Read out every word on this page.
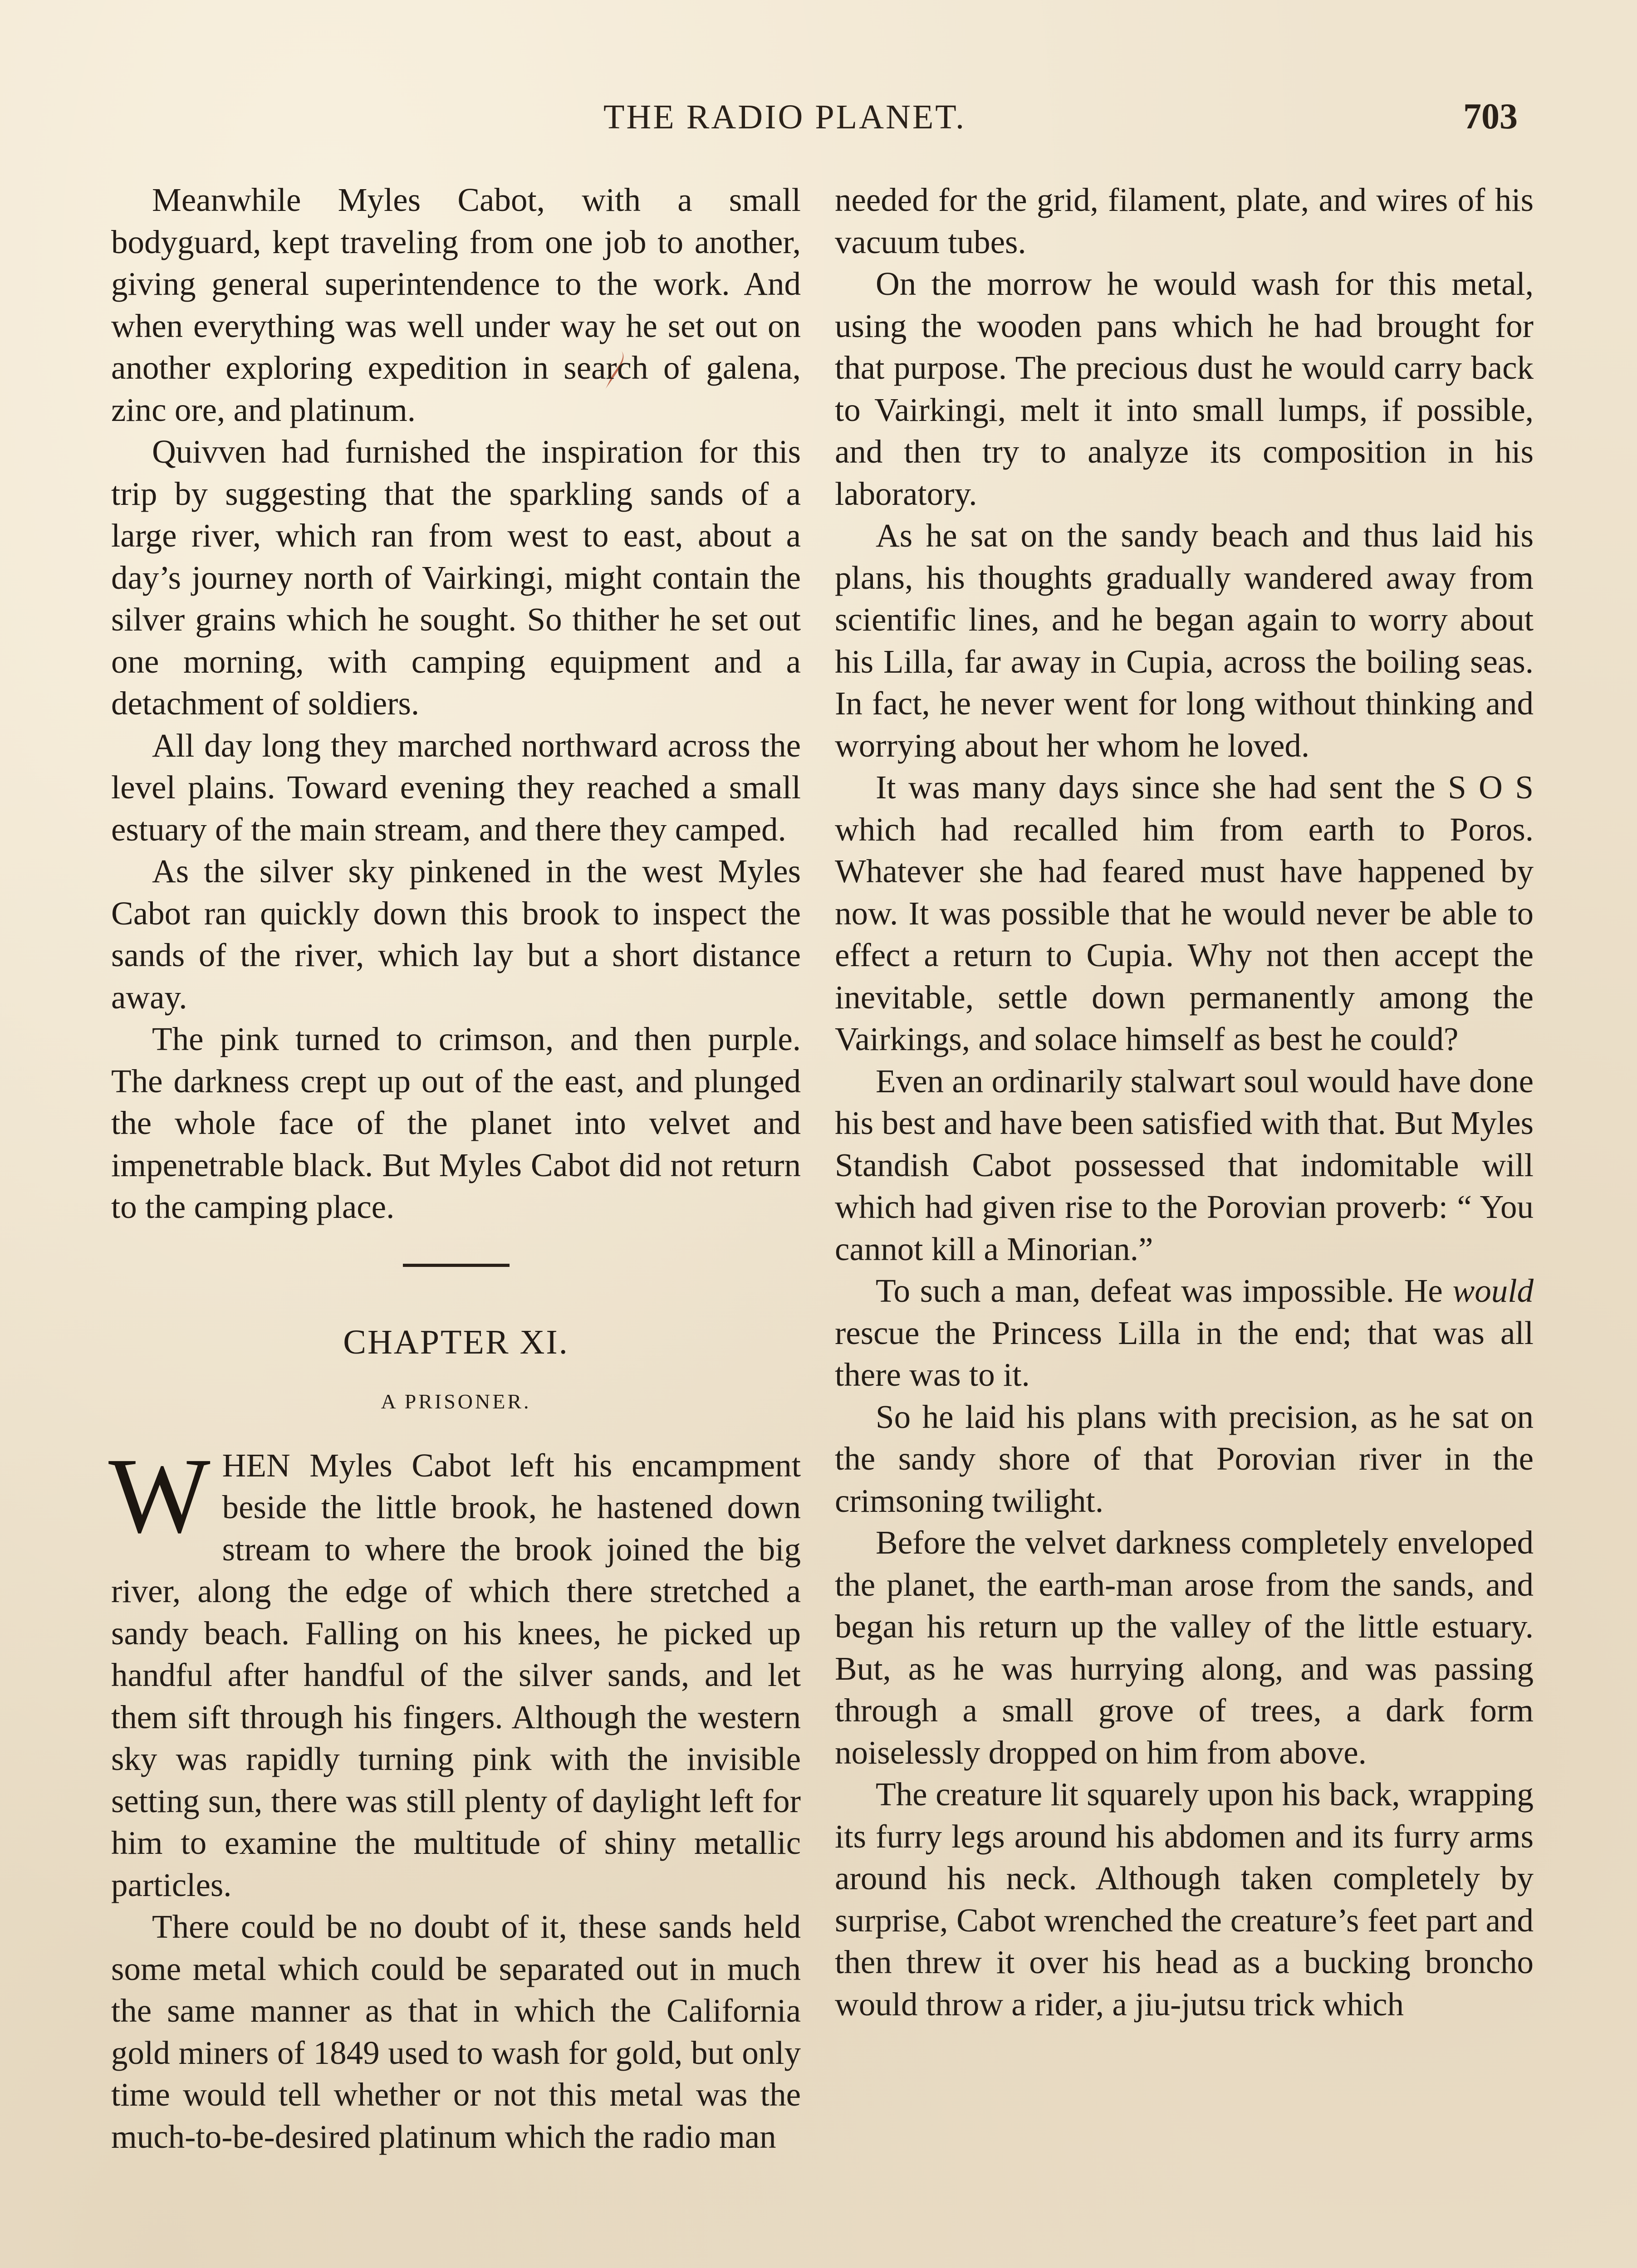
THE RADIO PLANET.	703

Meanwhile Myles Cabot, with a small bodyguard, kept traveling from one job to another, giving general superintendence to the work. And when everything was well under way he set out on another exploring expedition in search of galena, zinc ore, and platinum.

Quivven had furnished the inspiration for this trip by suggesting that the sparkling sands of a large river, which ran from west to east, about a day’s journey north of Vairkingi, might contain the silver grains which he sought. So thither he set out one morning, with camping equipment and a detachment of soldiers.

All day long they marched northward across the level plains. Toward evening they reached a small estuary of the main stream, and there they camped.

As the silver sky pinkened in the west Myles Cabot ran quickly down this brook to inspect the sands of the river, which lay but a short distance away.

The pink turned to crimson, and then purple. The darkness crept up out of the east, and plunged the whole face of the planet into velvet and impenetrable black. But Myles Cabot did not return to the camping place.

CHAPTER XI.
A PRISONER.

WHEN Myles Cabot left his encampment beside the little brook, he hastened down stream to where the brook joined the big river, along the edge of which there stretched a sandy beach. Falling on his knees, he picked up handful after handful of the silver sands, and let them sift through his fingers. Although the western sky was rapidly turning pink with the invisible setting sun, there was still plenty of daylight left for him to examine the multitude of shiny metallic particles.

There could be no doubt of it, these sands held some metal which could be separated out in much the same manner as that in which the California gold miners of 1849 used to wash for gold, but only time would tell whether or not this metal was the much-to-be-desired platinum which the radio man

needed for the grid, filament, plate, and wires of his vacuum tubes.

On the morrow he would wash for this metal, using the wooden pans which he had brought for that purpose. The precious dust he would carry back to Vairkingi, melt it into small lumps, if possible, and then try to analyze its composition in his laboratory.

As he sat on the sandy beach and thus laid his plans, his thoughts gradually wandered away from scientific lines, and he began again to worry about his Lilla, far away in Cupia, across the boiling seas. In fact, he never went for long without thinking and worrying about her whom he loved.

It was many days since she had sent the S O S which had recalled him from earth to Poros. Whatever she had feared must have happened by now. It was possible that he would never be able to effect a return to Cupia. Why not then accept the inevitable, settle down permanently among the Vairkings, and solace himself as best he could?

Even an ordinarily stalwart soul would have done his best and have been satisfied with that. But Myles Standish Cabot possessed that indomitable will which had given rise to the Porovian proverb: “ You cannot kill a Minorian.”

To such a man, defeat was impossible. He would rescue the Princess Lilla in the end; that was all there was to it.

So he laid his plans with precision, as he sat on the sandy shore of that Porovian river in the crimsoning twilight.

Before the velvet darkness completely enveloped the planet, the earth-man arose from the sands, and began his return up the valley of the little estuary. But, as he was hurrying along, and was passing through a small grove of trees, a dark form noiselessly dropped on him from above.

The creature lit squarely upon his back, wrapping its furry legs around his abdomen and its furry arms around his neck. Although taken completely by surprise, Cabot wrenched the creature’s feet part and then threw it over his head as a bucking broncho would throw a rider, a jiu-jutsu trick which
